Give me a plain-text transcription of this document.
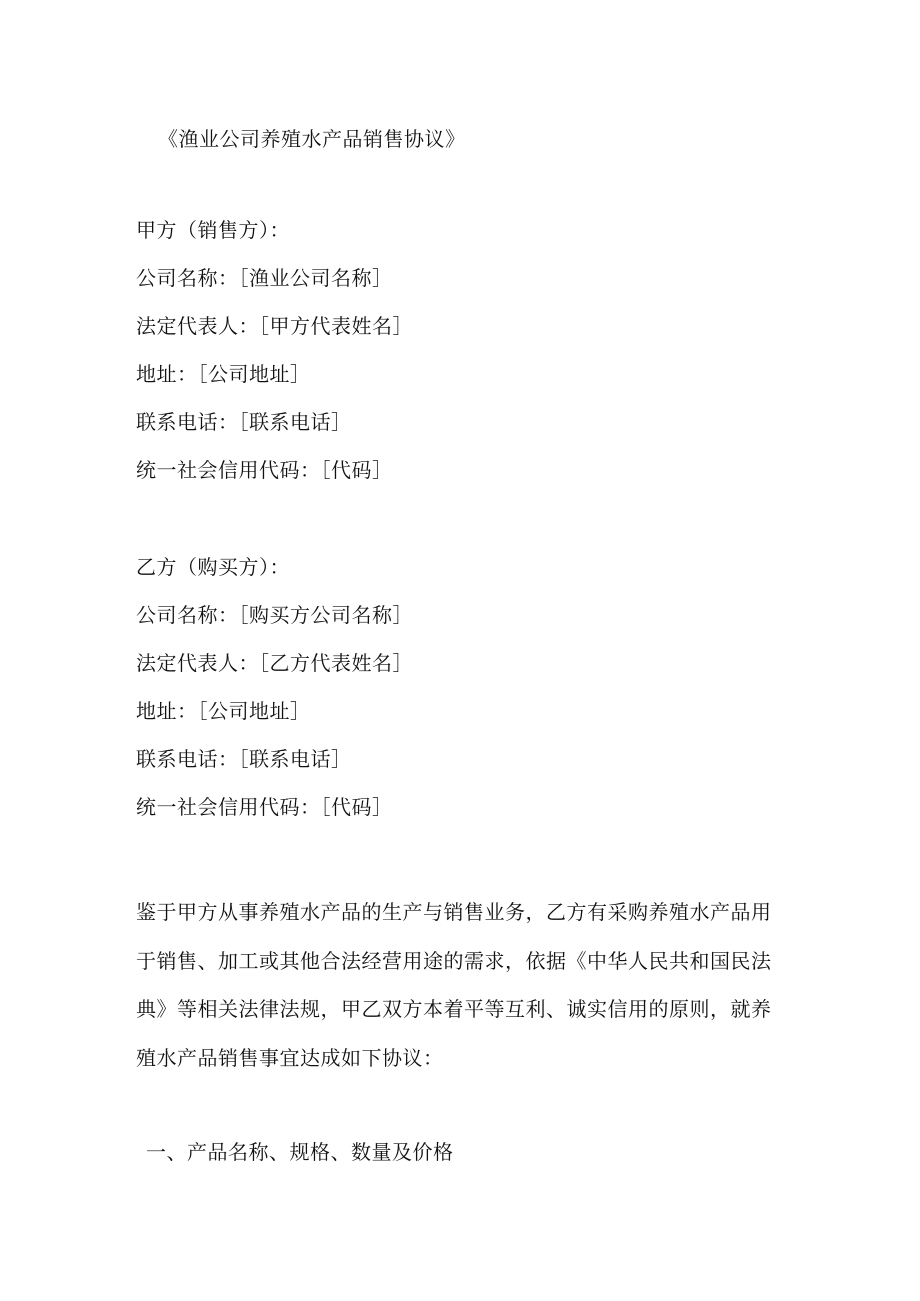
《渔业公司养殖水产品销售协议》
甲方（销售方）：
公司名称：［渔业公司名称］
法定代表人：［甲方代表姓名］
地址：［公司地址］
联系电话：［联系电话］
统一社会信用代码：［代码］
乙方（购买方）：
公司名称：［购买方公司名称］
法定代表人：［乙方代表姓名］
地址：［公司地址］
联系电话：［联系电话］
统一社会信用代码：［代码］
鉴于甲方从事养殖水产品的生产与销售业务，乙方有采购养殖水产品用于销售、加工或其他合法经营用途的需求，依据《中华人民共和国民法典》等相关法律法规，甲乙双方本着平等互利、诚实信用的原则，就养殖水产品销售事宜达成如下协议：
一、产品名称、规格、数量及价格
